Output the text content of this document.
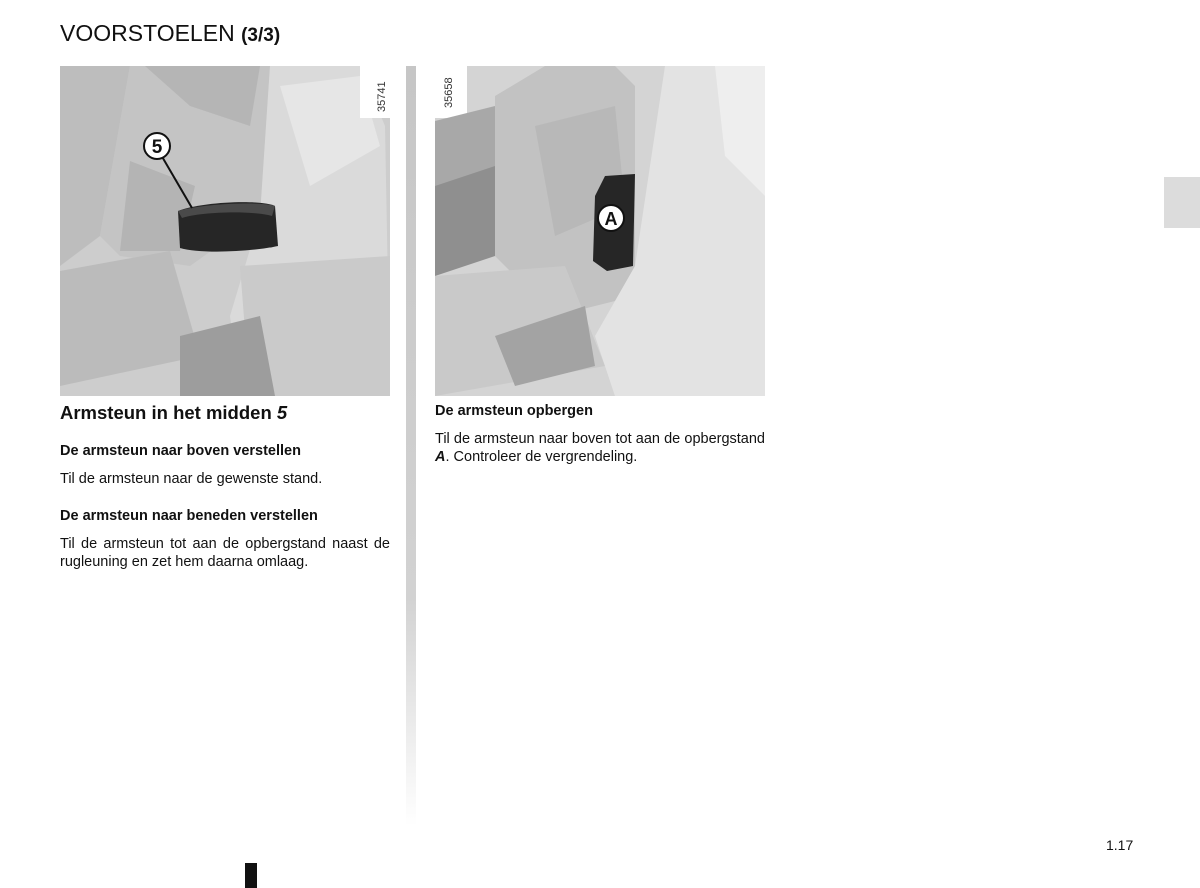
VOORSTOELEN (3/3)
5
35741
A
35658

Armsteun in het midden 5

De armsteun naar boven verstellen

Til de armsteun naar de gewenste stand.

De armsteun naar beneden verstellen

Til de armsteun tot aan de opbergstand naast de rugleuning en zet hem daarna omlaag.

De armsteun opbergen

Til de armsteun naar boven tot aan de opbergstand A. Controleer de vergrendeling.

1.17
